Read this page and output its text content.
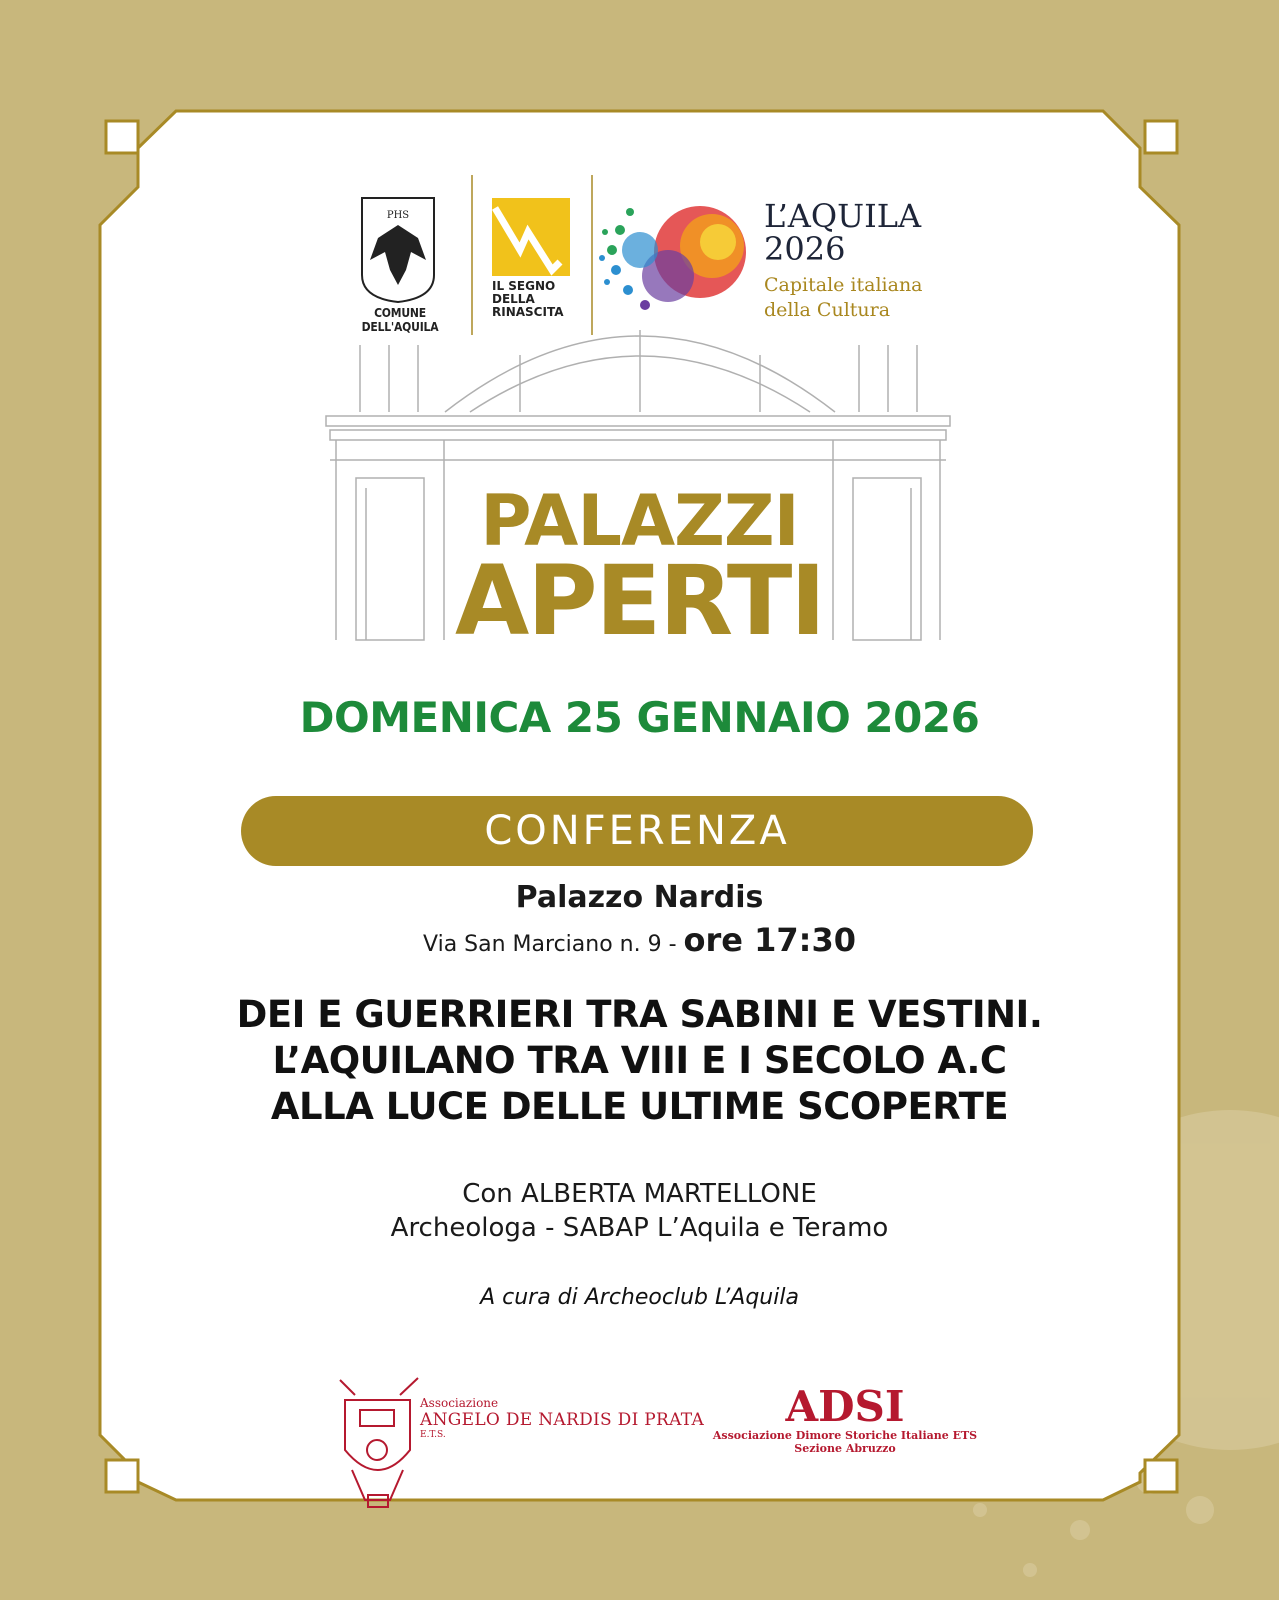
PHS
COMUNE DELL'AQUILA
IL SEGNO
DELLA
RINASCITA
L’AQUILA
2026
Capitale italiana
della Cultura
PALAZZI
APERTI
DOMENICA 25 GENNAIO 2026
CONFERENZA
Palazzo Nardis
Via San Marciano n. 9 - ore 17:30
DEI E GUERRIERI TRA SABINI E VESTINI.
L’AQUILANO TRA VIII E I SECOLO A.C
ALLA LUCE DELLE ULTIME SCOPERTE
Con ALBERTA MARTELLONE
Archeologa - SABAP L’Aquila e Teramo
A cura di Archeoclub L’Aquila
Associazione
ANGELO DE NARDIS DI PRATA
E.T.S.
ADSI
Associazione Dimore Storiche Italiane ETS
Sezione Abruzzo
